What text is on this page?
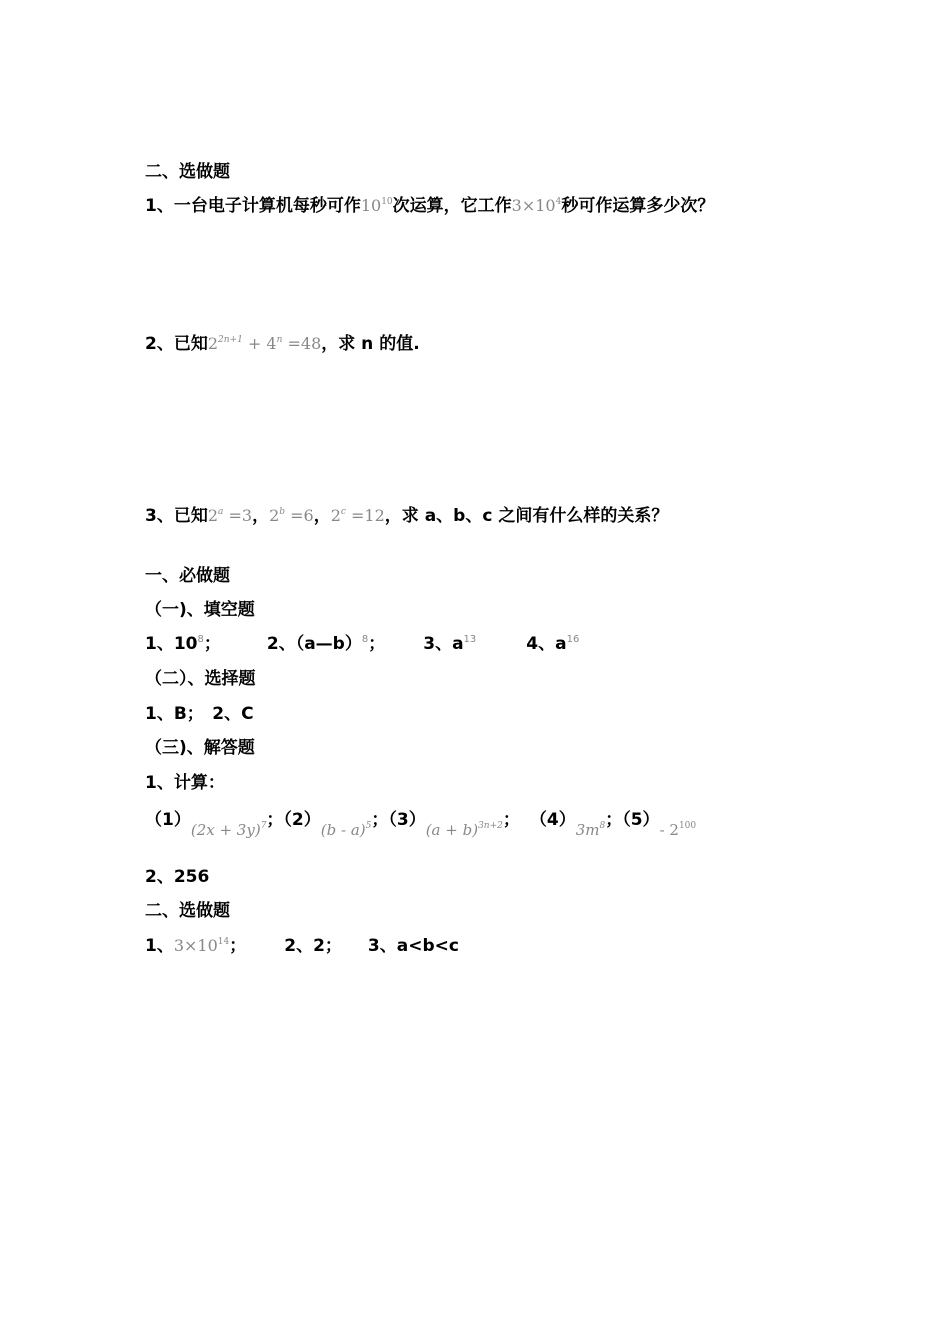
二、选做题
1、一台电子计算机每秒可作$10^{10}$次运算，它工作$3\times 10^4$秒可作运算多少次？
2、已知$2^{2n+1} + 4^n =48$，求 n 的值.
3、已知$2^a =3$，$2^b =6$，$2^c =12$，求 a、b、c 之间有什么样的关系？
一、必做题
（一)、填空题
1、$10^8$；	2、（a—b）$^8$； 3、$a^{13}$	4、$a^{16}$
（二）、选择题
1、B；　2、C
（三)、解答题
1、计算：
$(1)(2x + 3y)^7$；（2）(b - a)$^5$；$(3)(a + b)^{3n+2}$； $(4)3m^8$；（5）- $2^{100}$
2、256
二、选做题
1、$3\times 10^{14}$； 2、2； 3、a<b<c
